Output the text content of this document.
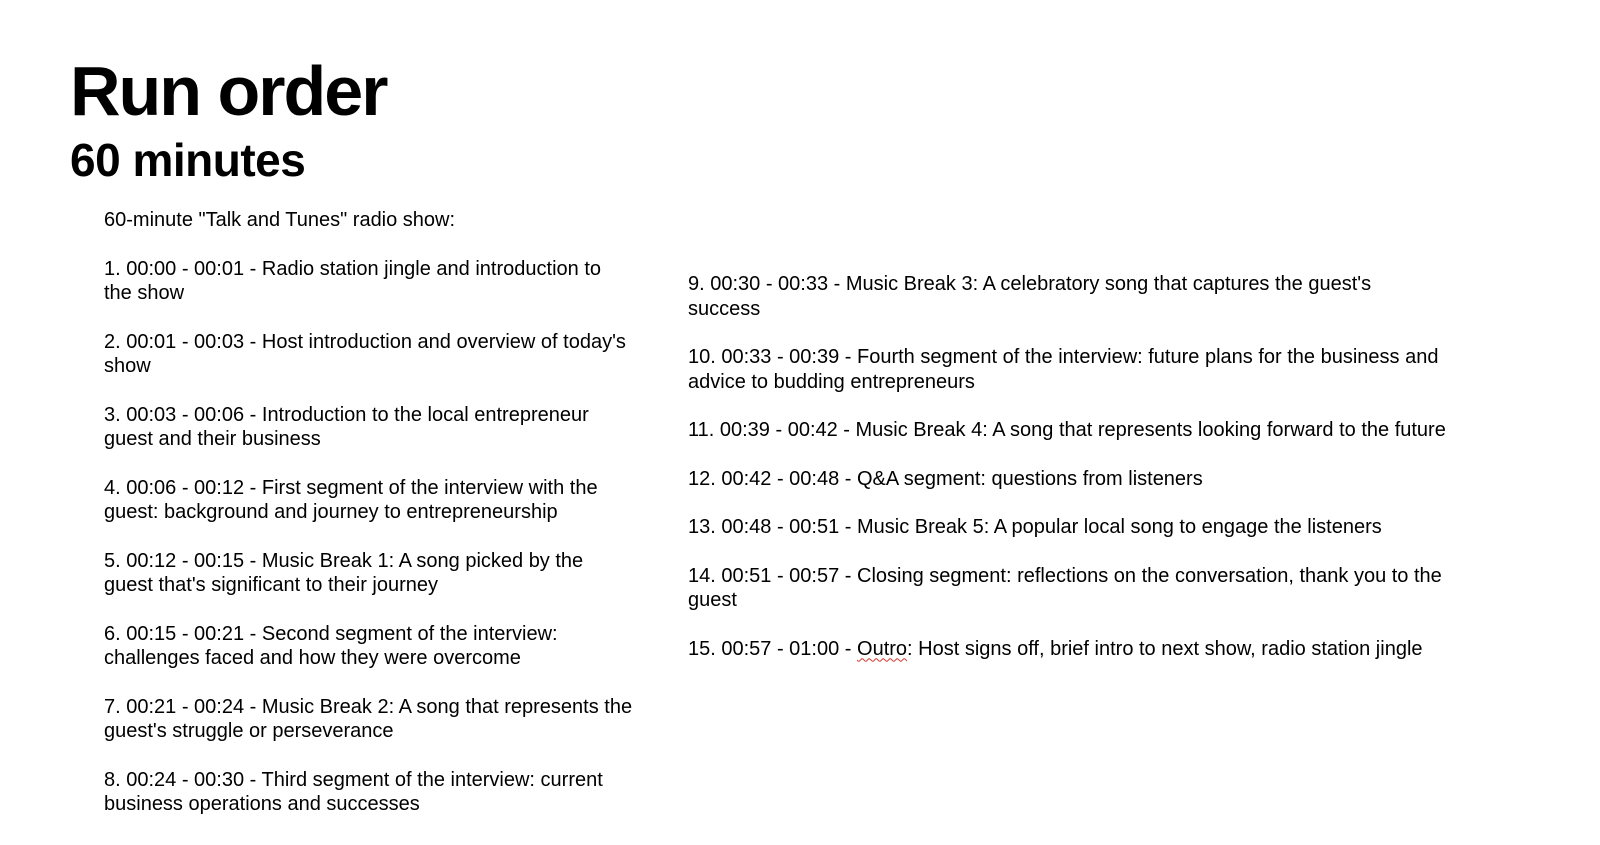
Run order
60 minutes

60-minute "Talk and Tunes" radio show:

1. 00:00 - 00:01 - Radio station jingle and introduction to the show

2. 00:01 - 00:03 - Host introduction and overview of today's show

3. 00:03 - 00:06 - Introduction to the local entrepreneur guest and their business

4. 00:06 - 00:12 - First segment of the interview with the guest: background and journey to entrepreneurship

5. 00:12 - 00:15 - Music Break 1: A song picked by the guest that's significant to their journey

6. 00:15 - 00:21 - Second segment of the interview: challenges faced and how they were overcome

7. 00:21 - 00:24 - Music Break 2: A song that represents the guest's struggle or perseverance

8. 00:24 - 00:30 - Third segment of the interview: current business operations and successes

9. 00:30 - 00:33 - Music Break 3: A celebratory song that captures the guest's success

10. 00:33 - 00:39 - Fourth segment of the interview: future plans for the business and advice to budding entrepreneurs

11. 00:39 - 00:42 - Music Break 4: A song that represents looking forward to the future

12. 00:42 - 00:48 - Q&A segment: questions from listeners

13. 00:48 - 00:51 - Music Break 5: A popular local song to engage the listeners

14. 00:51 - 00:57 - Closing segment: reflections on the conversation, thank you to the guest

15. 00:57 - 01:00 - Outro: Host signs off, brief intro to next show, radio station jingle
